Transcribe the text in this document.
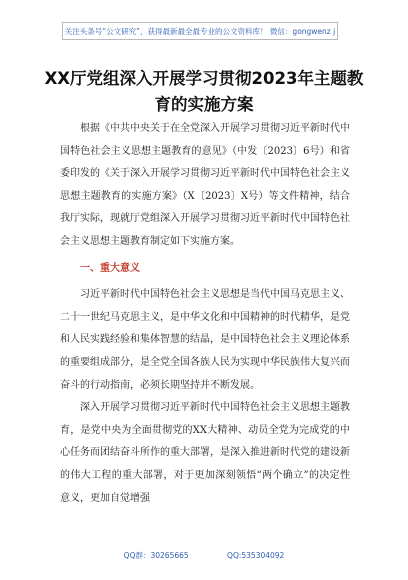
关注头条号“公文研究”，获得最新最全最专业的公文资料库！ 微信：gongwenz j
XX厅党组深入开展学习贯彻2023年主题教育的实施方案

根据《中共中央关于在全党深入开展学习贯彻习近平新时代中国特色社会主义思想主题教育的意见》（中发〔2023〕6号）和省委印发的《关于深入开展学习贯彻习近平新时代中国特色社会主义思想主题教育的实施方案》（X〔2023〕X号）等文件精神，结合我厅实际，现就厅党组深入开展学习贯彻习近平新时代中国特色社会主义思想主题教育制定如下实施方案。

一、重大意义

习近平新时代中国特色社会主义思想是当代中国马克思主义、二十一世纪马克思主义，是中华文化和中国精神的时代精华，是党和人民实践经验和集体智慧的结晶，是中国特色社会主义理论体系的重要组成部分，是全党全国各族人民为实现中华民族伟大复兴而奋斗的行动指南，必须长期坚持并不断发展。

深入开展学习贯彻习近平新时代中国特色社会主义思想主题教育，是党中央为全面贯彻党的XX大精神、动员全党为完成党的中心任务而团结奋斗所作的重大部署，是深入推进新时代党的建设新的伟大工程的重大部署，对于更加深刻领悟“两个确立”的决定性意义，更加自觉增强

QQ群：30265665	QQ:535304092
